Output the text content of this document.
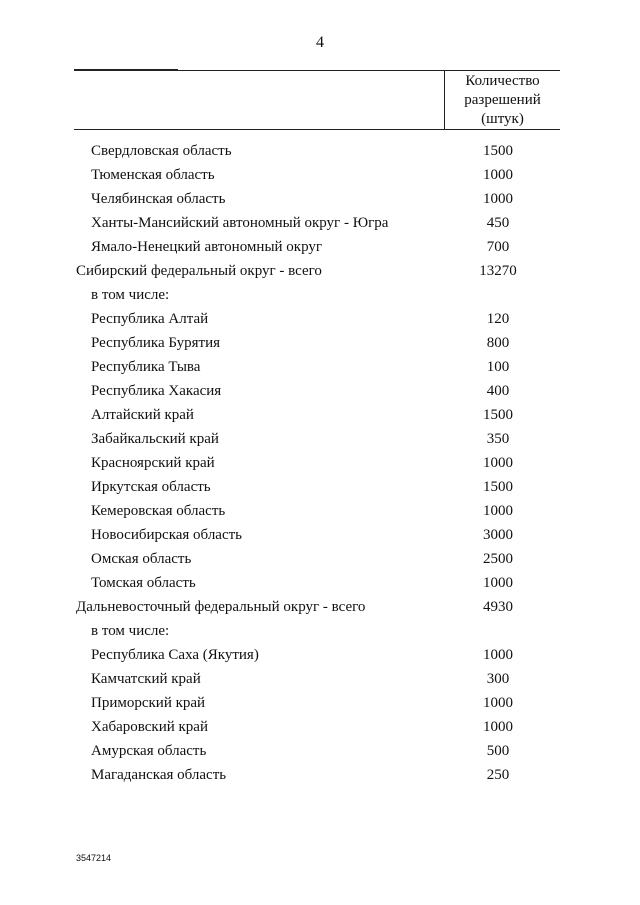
4
Количество
разрешений
(штук)
Свердловская область	1500
Тюменская область	1000
Челябинская область	1000
Ханты-Мансийский автономный округ - Югра	450
Ямало-Ненецкий автономный округ	700
Сибирский федеральный округ - всего	13270
в том числе:
Республика Алтай	120
Республика Бурятия	800
Республика Тыва	100
Республика Хакасия	400
Алтайский край	1500
Забайкальский край	350
Красноярский край	1000
Иркутская область	1500
Кемеровская область	1000
Новосибирская область	3000
Омская область	2500
Томская область	1000
Дальневосточный федеральный округ - всего	4930
в том числе:
Республика Саха (Якутия)	1000
Камчатский край	300
Приморский край	1000
Хабаровский край	1000
Амурская область	500
Магаданская область	250
3547214
